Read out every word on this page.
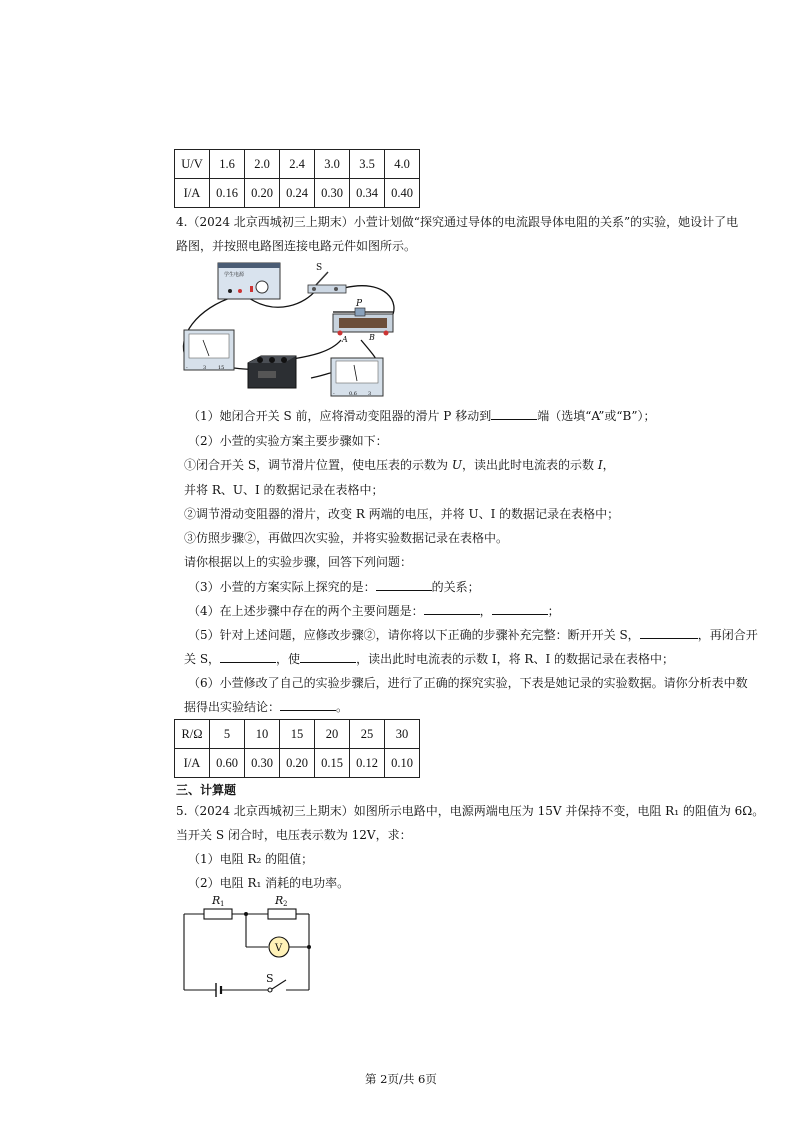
U/V	1.6	2.0	2.4	3.0	3.5	4.0
I/A	0.16	0.20	0.24	0.30	0.34	0.40
4.（2024 北京西城初三上期末）小萱计划做“探究通过导体的电流跟导体电阻的关系”的实验，她设计了电
路图，并按照电路图连接电路元件如图所示。
学生电源
S
P
A	B
-	3 15
-	0.6 3
（1）她闭合开关 S 前，应将滑动变阻器的滑片 P 移动到	端（选填“A”或“B”）；
（2）小萱的实验方案主要步骤如下：
①闭合开关 S，调节滑片位置，使电压表的示数为 U，读出此时电流表的示数 I，
并将 R、U、I 的数据记录在表格中；
②调节滑动变阻器的滑片，改变 R 两端的电压，并将 U、I 的数据记录在表格中；
③仿照步骤②，再做四次实验，并将实验数据记录在表格中。
请你根据以上的实验步骤，回答下列问题：
（3）小萱的方案实际上探究的是：	的关系；
（4）在上述步骤中存在的两个主要问题是：	，	；
（5）针对上述问题，应修改步骤②，请你将以下正确的步骤补充完整：断开开关 S，	，再闭合开
关 S，	，使	，读出此时电流表的示数 I，将 R、I 的数据记录在表格中；
（6）小萱修改了自己的实验步骤后，进行了正确的探究实验，下表是她记录的实验数据。请你分析表中数
据得出实验结论：	。
R/Ω	5	10	15	20	25	30
I/A	0.60	0.30	0.20	0.15	0.12	0.10
三、计算题
5.（2024 北京西城初三上期末）如图所示电路中，电源两端电压为 15V 并保持不变，电阻 R₁ 的阻值为 6Ω。
当开关 S 闭合时，电压表示数为 12V，求：
（1）电阻 R₂ 的阻值；
（2）电阻 R₁ 消耗的电功率。
R 1	R 2
V
S
第 2页/共 6页
